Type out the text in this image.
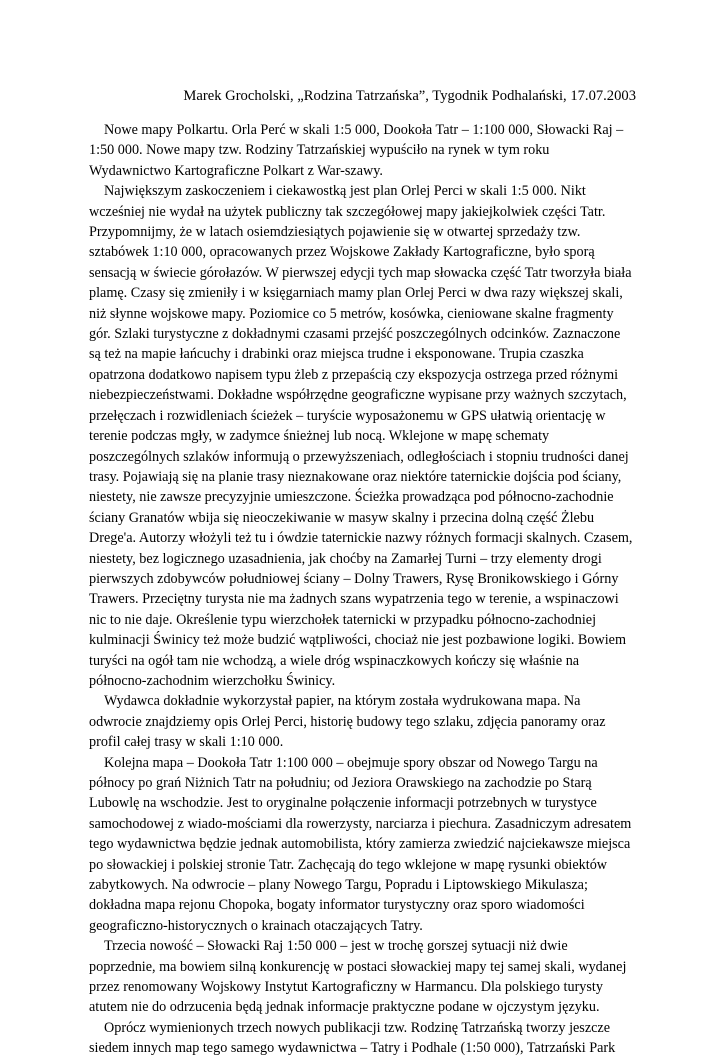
Marek Grocholski, „Rodzina Tatrzańska”, Tygodnik Podhalański, 17.07.2003

Nowe mapy Polkartu. Orla Perć w skali 1:5 000, Dookoła Tatr – 1:100 000, Słowacki Raj – 1:50 000. Nowe mapy tzw. Rodziny Tatrzańskiej wypuściło na rynek w tym roku Wydawnictwo Kartograficzne Polkart z War-szawy.

Największym zaskoczeniem i ciekawostką jest plan Orlej Perci w skali 1:5 000. Nikt wcześniej nie wydał na użytek publiczny tak szczegółowej mapy jakiejkolwiek części Tatr. Przypomnijmy, że w latach osiemdziesiątych pojawienie się w otwartej sprzedaży tzw. sztabówek 1:10 000, opracowanych przez Wojskowe Zakłady Kartograficzne, było sporą sensacją w świecie górołazów. W pierwszej edycji tych map słowacka część Tatr tworzyła biała plamę. Czasy się zmieniły i w księgarniach mamy plan Orlej Perci w dwa razy większej skali, niż słynne wojskowe mapy. Poziomice co 5 metrów, kosówka, cieniowane skalne fragmenty gór. Szlaki turystyczne z dokładnymi czasami przejść poszczególnych odcinków. Zaznaczone są też na mapie łańcuchy i drabinki oraz miejsca trudne i eksponowane. Trupia czaszka opatrzona dodatkowo napisem typu żleb z przepaścią czy ekspozycja ostrzega przed różnymi niebezpieczeństwami. Dokładne współrzędne geograficzne wypisane przy ważnych szczytach, przełęczach i rozwidleniach ścieżek – turyście wyposażonemu w GPS ułatwią orientację w terenie podczas mgły, w zadymce śnieżnej lub nocą. Wklejone w mapę schematy poszczególnych szlaków informują o przewyższeniach, odległościach i stopniu trudności danej trasy. Pojawiają się na planie trasy nieznakowane oraz niektóre taternickie dojścia pod ściany, niestety, nie zawsze precyzyjnie umieszczone. Ścieżka prowadząca pod północno-zachodnie ściany Granatów wbija się nieoczekiwanie w masyw skalny i przecina dolną część Żlebu Drege'a. Autorzy włożyli też tu i ówdzie taternickie nazwy różnych formacji skalnych. Czasem, niestety, bez logicznego uzasadnienia, jak choćby na Zamarłej Turni – trzy elementy drogi pierwszych zdobywców południowej ściany – Dolny Trawers, Rysę Bronikowskiego i Górny Trawers. Przeciętny turysta nie ma żadnych szans wypatrzenia tego w terenie, a wspinaczowi nic to nie daje. Określenie typu wierzchołek taternicki w przypadku północno-zachodniej kulminacji Świnicy też może budzić wątpliwości, chociaż nie jest pozbawione logiki. Bowiem turyści na ogół tam nie wchodzą, a wiele dróg wspinaczkowych kończy się właśnie na północno-zachodnim wierzchołku Świnicy.

Wydawca dokładnie wykorzystał papier, na którym została wydrukowana mapa. Na odwrocie znajdziemy opis Orlej Perci, historię budowy tego szlaku, zdjęcia panoramy oraz profil całej trasy w skali 1:10 000.

Kolejna mapa – Dookoła Tatr 1:100 000 – obejmuje spory obszar od Nowego Targu na północy po grań Niżnich Tatr na południu; od Jeziora Orawskiego na zachodzie po Starą Lubowlę na wschodzie. Jest to oryginalne połączenie informacji potrzebnych w turystyce samochodowej z wiado-mościami dla rowerzysty, narciarza i piechura. Zasadniczym adresatem tego wydawnictwa będzie jednak automobilista, który zamierza zwiedzić najciekawsze miejsca po słowackiej i polskiej stronie Tatr. Zachęcają do tego wklejone w mapę rysunki obiektów zabytkowych. Na odwrocie – plany Nowego Targu, Popradu i Liptowskiego Mikulasza; dokładna mapa rejonu Chopoka, bogaty informator turystyczny oraz sporo wiadomości geograficzno-historycznych o krainach otaczających Tatry.

Trzecia nowość – Słowacki Raj 1:50 000 – jest w trochę gorszej sytuacji niż dwie poprzednie, ma bowiem silną konkurencję w postaci słowackiej mapy tej samej skali, wydanej przez renomowany Wojskowy Instytut Kartograficzny w Harmancu. Dla polskiego turysty atutem nie do odrzucenia będą jednak informacje praktyczne podane w ojczystym języku.

Oprócz wymienionych trzech nowych publikacji tzw. Rodzinę Tatrzańską tworzy jeszcze siedem innych map tego samego wydawnictwa – Tatry i Podhale (1:50 000), Tatrzański Park
